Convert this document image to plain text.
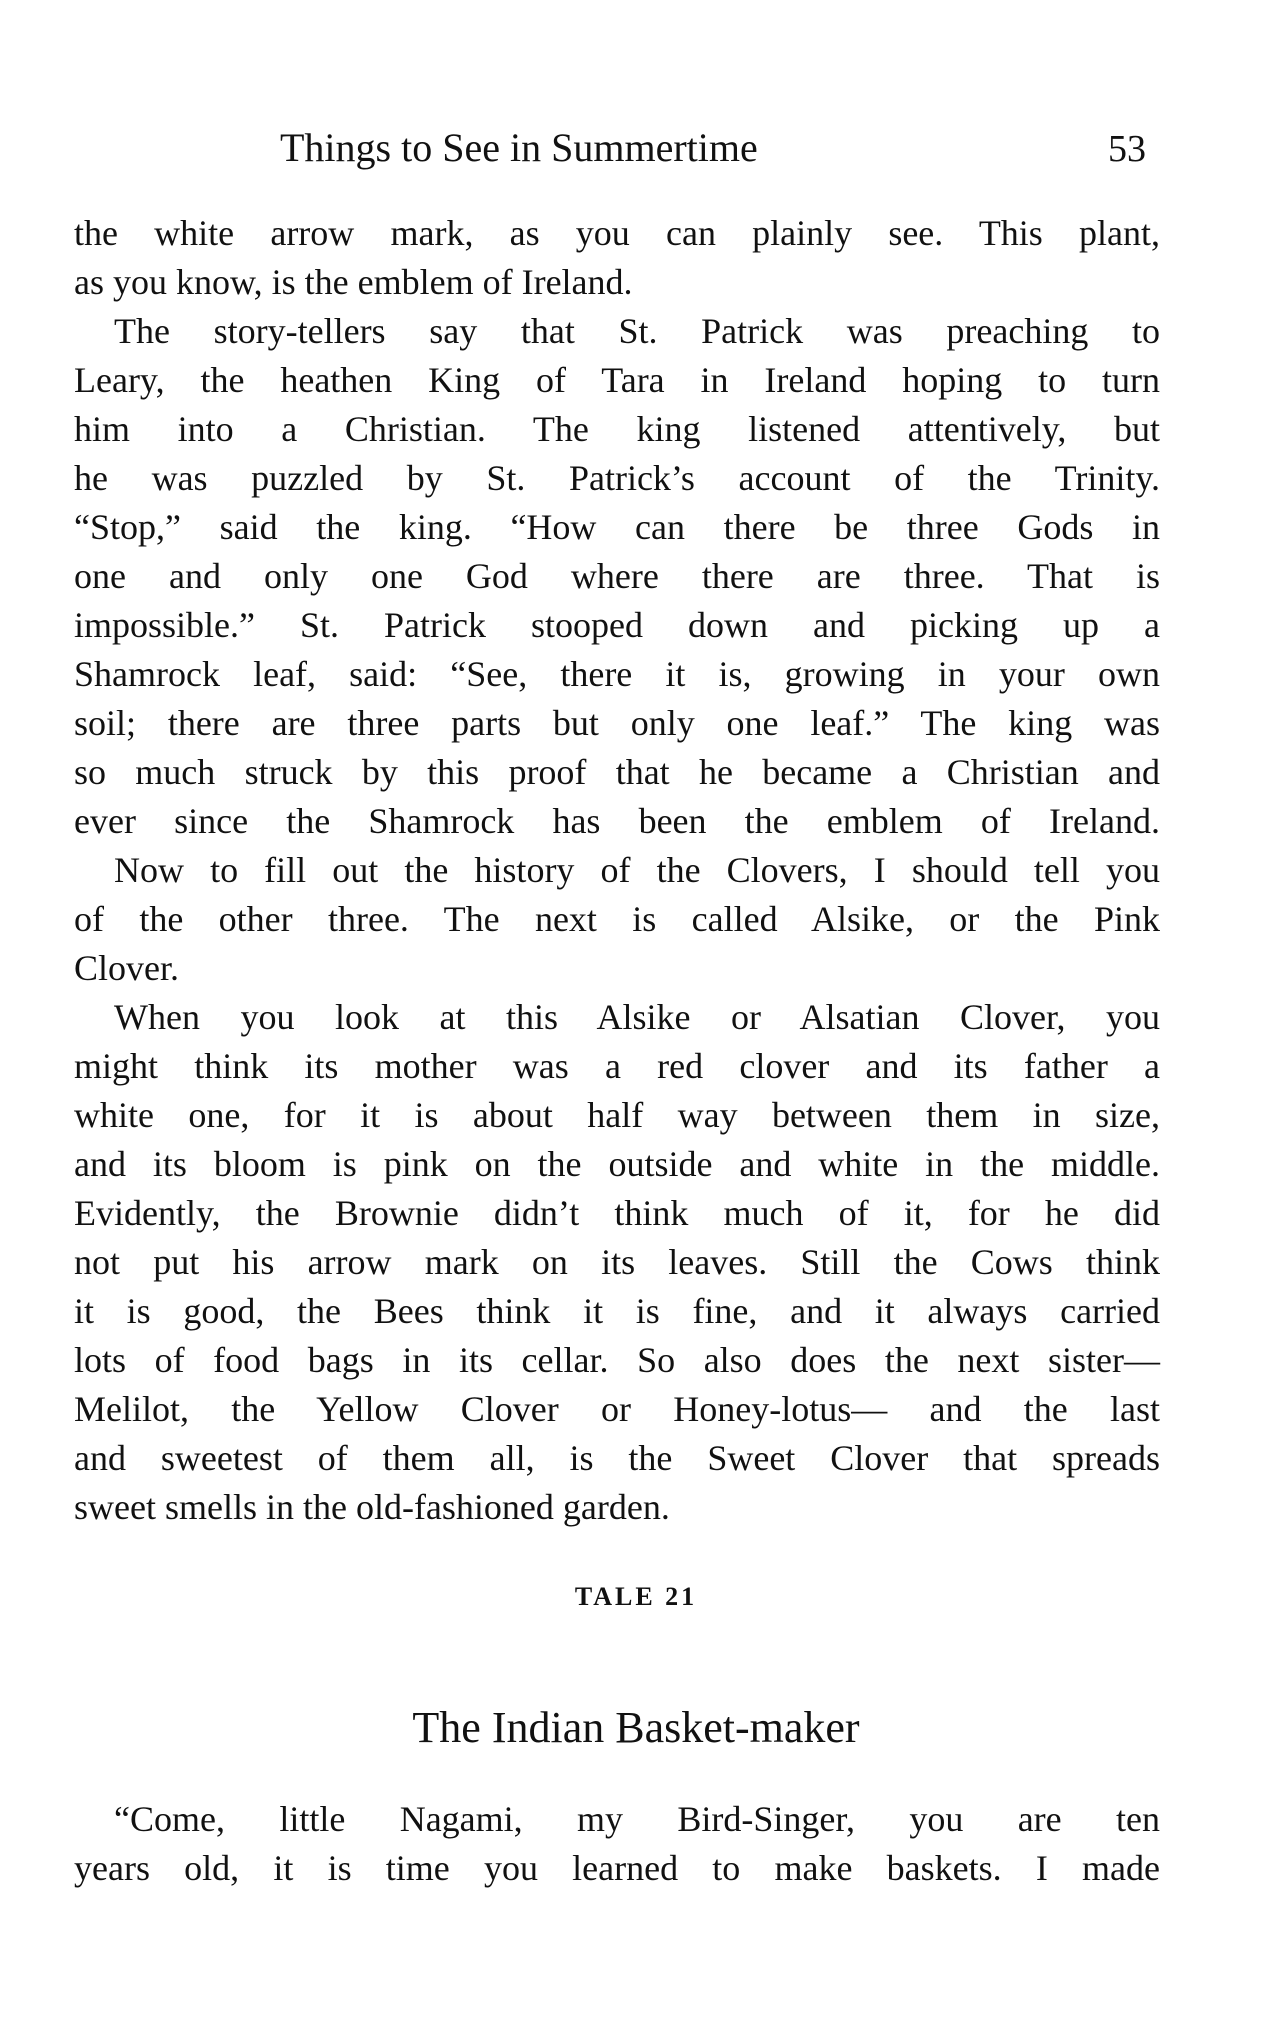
Things to See in Summertime	53
the white arrow mark, as you can plainly see. This plant,
as you know, is the emblem of Ireland.
The story-tellers say that St. Patrick was preaching to
Leary, the heathen King of Tara in Ireland hoping to turn
him into a Christian. The king listened attentively, but
he was puzzled by St. Patrick’s account of the Trinity.
“Stop,” said the king. “How can there be three Gods in
one and only one God where there are three. That is
impossible.” St. Patrick stooped down and picking up a
Shamrock leaf, said: “See, there it is, growing in your own
soil; there are three parts but only one leaf.” The king was
so much struck by this proof that he became a Christian and
ever since the Shamrock has been the emblem of Ireland.
Now to fill out the history of the Clovers, I should tell you
of the other three. The next is called Alsike, or the Pink
Clover.
When you look at this Alsike or Alsatian Clover, you
might think its mother was a red clover and its father a
white one, for it is about half way between them in size,
and its bloom is pink on the outside and white in the middle.
Evidently, the Brownie didn’t think much of it, for he did
not put his arrow mark on its leaves. Still the Cows think
it is good, the Bees think it is fine, and it always carried
lots of food bags in its cellar. So also does the next sister—
Melilot, the Yellow Clover or Honey-lotus— and the last
and sweetest of them all, is the Sweet Clover that spreads
sweet smells in the old-fashioned garden.
TALE 21
The Indian Basket-maker
“Come, little Nagami, my Bird-Singer, you are ten
years old, it is time you learned to make baskets. I made
